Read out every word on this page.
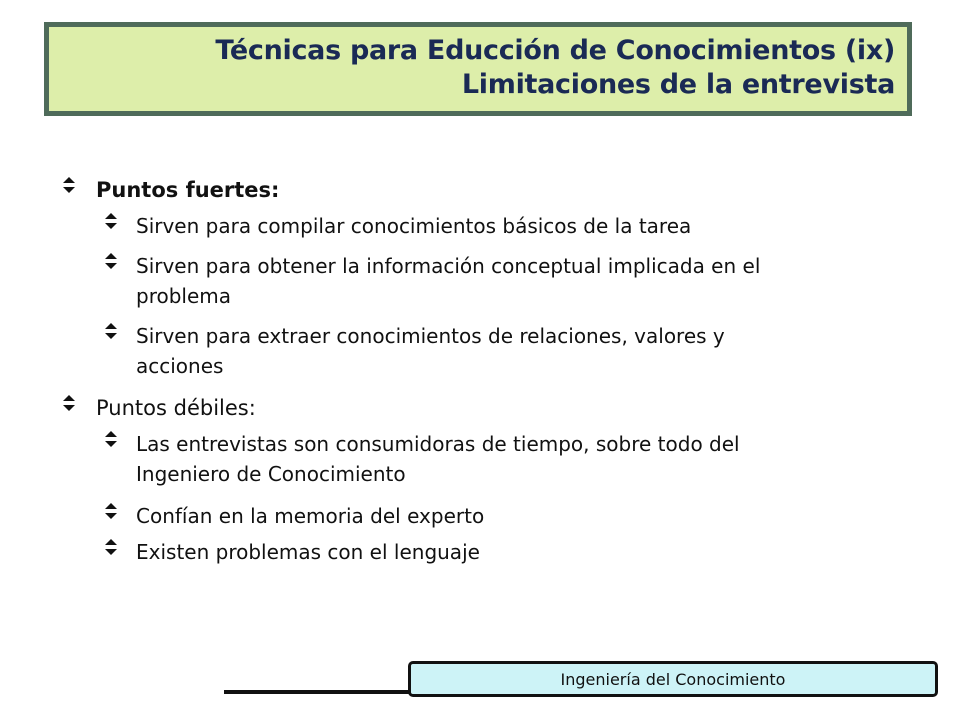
Técnicas para Educción de Conocimientos (ix)
Limitaciones de la entrevista
Puntos fuertes:
Sirven para compilar conocimientos básicos de la tarea
Sirven para obtener la información conceptual implicada en el
problema
Sirven para extraer conocimientos de relaciones, valores y
acciones
Puntos débiles:
Las entrevistas son consumidoras de tiempo, sobre todo del
Ingeniero de Conocimiento
Confían en la memoria del experto
Existen problemas con el lenguaje
Ingeniería del Conocimiento
